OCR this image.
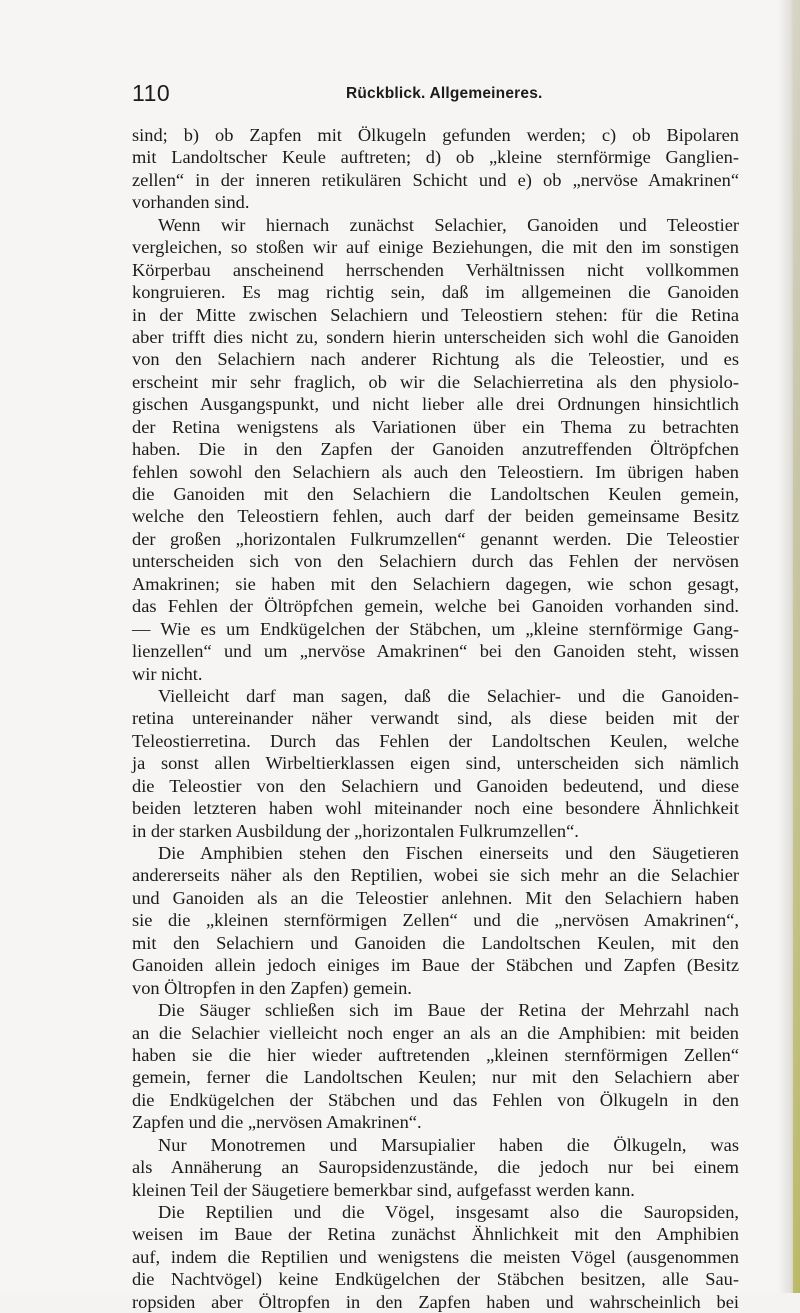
110	Rückblick. Allgemeineres.
sind; b) ob Zapfen mit Ölkugeln gefunden werden; c) ob Bipolaren
mit Landoltscher Keule auftreten; d) ob „kleine sternförmige Ganglien-
zellen“ in der inneren retikulären Schicht und e) ob „nervöse Amakrinen“
vorhanden sind.
Wenn wir hiernach zunächst Selachier, Ganoiden und Teleostier
vergleichen, so stoßen wir auf einige Beziehungen, die mit den im sonstigen
Körperbau anscheinend herrschenden Verhältnissen nicht vollkommen
kongruieren. Es mag richtig sein, daß im allgemeinen die Ganoiden
in der Mitte zwischen Selachiern und Teleostiern stehen: für die Retina
aber trifft dies nicht zu, sondern hierin unterscheiden sich wohl die Ganoiden
von den Selachiern nach anderer Richtung als die Teleostier, und es
erscheint mir sehr fraglich, ob wir die Selachierretina als den physiolo-
gischen Ausgangspunkt, und nicht lieber alle drei Ordnungen hinsichtlich
der Retina wenigstens als Variationen über ein Thema zu betrachten
haben. Die in den Zapfen der Ganoiden anzutreffenden Öltröpfchen
fehlen sowohl den Selachiern als auch den Teleostiern. Im übrigen haben
die Ganoiden mit den Selachiern die Landoltschen Keulen gemein,
welche den Teleostiern fehlen, auch darf der beiden gemeinsame Besitz
der großen „horizontalen Fulkrumzellen“ genannt werden. Die Teleostier
unterscheiden sich von den Selachiern durch das Fehlen der nervösen
Amakrinen; sie haben mit den Selachiern dagegen, wie schon gesagt,
das Fehlen der Öltröpfchen gemein, welche bei Ganoiden vorhanden sind.
— Wie es um Endkügelchen der Stäbchen, um „kleine sternförmige Gang-
lienzellen“ und um „nervöse Amakrinen“ bei den Ganoiden steht, wissen
wir nicht.
Vielleicht darf man sagen, daß die Selachier- und die Ganoiden-
retina untereinander näher verwandt sind, als diese beiden mit der
Teleostierretina. Durch das Fehlen der Landoltschen Keulen, welche
ja sonst allen Wirbeltierklassen eigen sind, unterscheiden sich nämlich
die Teleostier von den Selachiern und Ganoiden bedeutend, und diese
beiden letzteren haben wohl miteinander noch eine besondere Ähnlichkeit
in der starken Ausbildung der „horizontalen Fulkrumzellen“.
Die Amphibien stehen den Fischen einerseits und den Säugetieren
andererseits näher als den Reptilien, wobei sie sich mehr an die Selachier
und Ganoiden als an die Teleostier anlehnen. Mit den Selachiern haben
sie die „kleinen sternförmigen Zellen“ und die „nervösen Amakrinen“,
mit den Selachiern und Ganoiden die Landoltschen Keulen, mit den
Ganoiden allein jedoch einiges im Baue der Stäbchen und Zapfen (Besitz
von Öltropfen in den Zapfen) gemein.
Die Säuger schließen sich im Baue der Retina der Mehrzahl nach
an die Selachier vielleicht noch enger an als an die Amphibien: mit beiden
haben sie die hier wieder auftretenden „kleinen sternförmigen Zellen“
gemein, ferner die Landoltschen Keulen; nur mit den Selachiern aber
die Endkügelchen der Stäbchen und das Fehlen von Ölkugeln in den
Zapfen und die „nervösen Amakrinen“.
Nur Monotremen und Marsupialier haben die Ölkugeln, was
als Annäherung an Sauropsidenzustände, die jedoch nur bei einem
kleinen Teil der Säugetiere bemerkbar sind, aufgefasst werden kann.
Die Reptilien und die Vögel, insgesamt also die Sauropsiden,
weisen im Baue der Retina zunächst Ähnlichkeit mit den Amphibien
auf, indem die Reptilien und wenigstens die meisten Vögel (ausgenommen
die Nachtvögel) keine Endkügelchen der Stäbchen besitzen, alle Sau-
ropsiden aber Öltropfen in den Zapfen haben und wahrscheinlich bei
